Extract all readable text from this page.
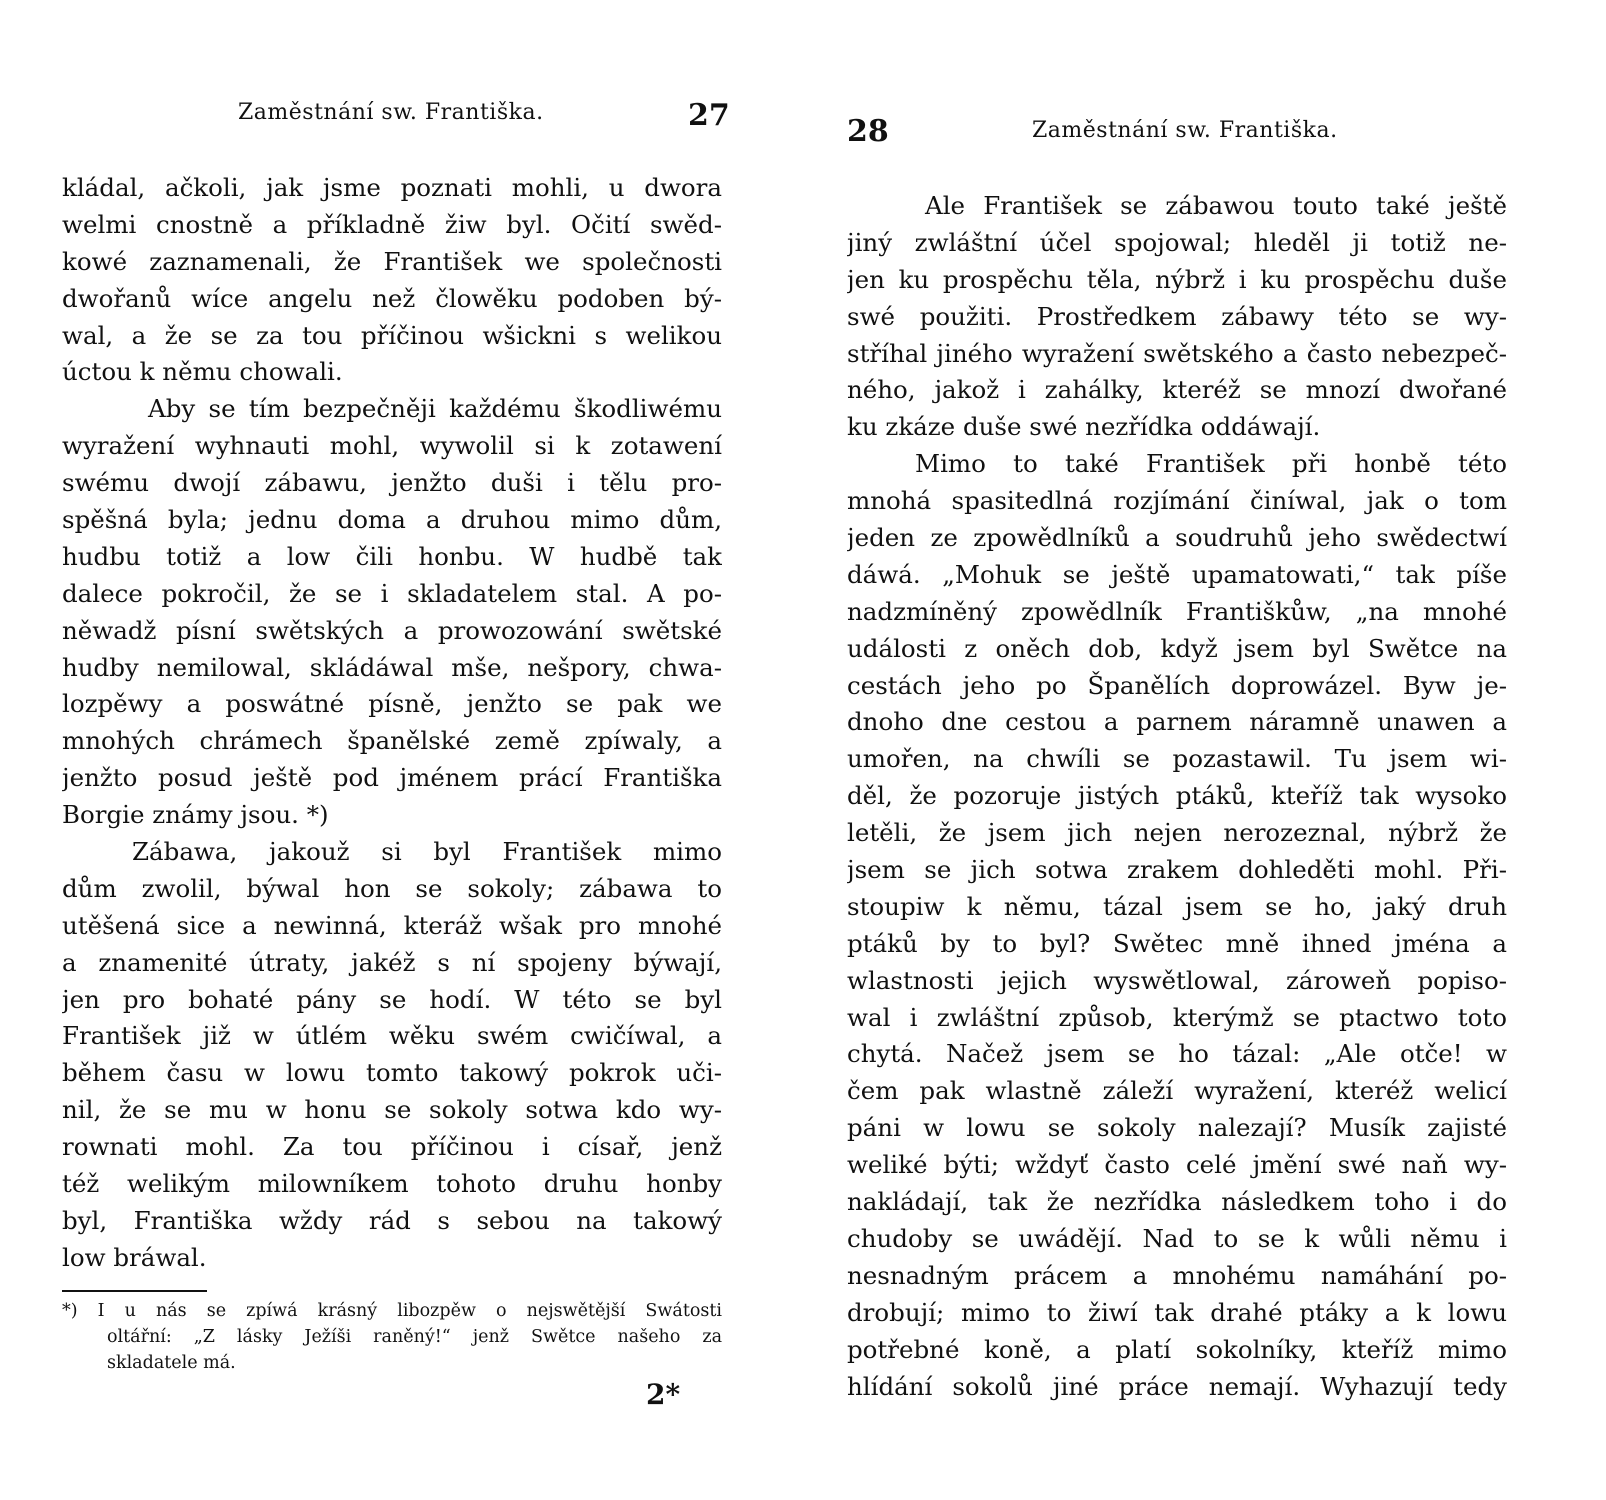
Zaměstnání sw. Františka.	27
kládal, ačkoli, jak jsme poznati mohli, u dwora
welmi cnostně a příkladně žiw byl. Očití swěd-
kowé zaznamenali, že František we společnosti
dwořanů wíce angelu než člowěku podoben bý-
wal, a že se za tou příčinou wšickni s welikou
úctou k němu chowali.
Aby se tím bezpečněji každému škodliwému
wyražení wyhnauti mohl, wywolil si k zotawení
swému dwojí zábawu, jenžto duši i tělu pro-
spěšná byla; jednu doma a druhou mimo dům,
hudbu totiž a low čili honbu. W hudbě tak
dalece pokročil, že se i skladatelem stal. A po-
něwadž písní swětských a prowozowání swětské
hudby nemilowal, skládáwal mše, nešpory, chwa-
lozpěwy a poswátné písně, jenžto se pak we
mnohých chrámech španělské země zpíwaly, a
jenžto posud ještě pod jménem prácí Františka
Borgie známy jsou. *)
Zábawa, jakouž si byl František mimo
dům zwolil, býwal hon se sokoly; zábawa to
utěšená sice a newinná, kteráž wšak pro mnohé
a znamenité útraty, jakéž s ní spojeny býwají,
jen pro bohaté pány se hodí. W této se byl
František již w útlém wěku swém cwičíwal, a
během času w lowu tomto takowý pokrok uči-
nil, že se mu w honu se sokoly sotwa kdo wy-
rownati mohl. Za tou příčinou i císař, jenž
též welikým milowníkem tohoto druhu honby
byl, Františka wždy rád s sebou na takowý
low bráwal.
*) I u nás se zpíwá krásný libozpěw o nejswětější Swátosti
oltářní: „Z lásky Ježíši raněný!“ jenž Swětce našeho za
skladatele má.
2*
28	Zaměstnání sw. Františka.
Ale František se zábawou touto také ještě
jiný zwláštní účel spojowal; hleděl ji totiž ne-
jen ku prospěchu těla, nýbrž i ku prospěchu duše
swé použiti. Prostředkem zábawy této se wy-
stříhal jiného wyražení swětského a často nebezpeč-
ného, jakož i zahálky, kteréž se mnozí dwořané
ku zkáze duše swé nezřídka oddáwají.
Mimo to také František při honbě této
mnohá spasitedlná rozjímání činíwal, jak o tom
jeden ze zpowědlníků a soudruhů jeho swědectwí
dáwá. „Mohuk se ještě upamatowati,“ tak píše
nadzmíněný zpowědlník Františkůw, „na mnohé
události z oněch dob, když jsem byl Swětce na
cestách jeho po Španělích doprowázel. Byw je-
dnoho dne cestou a parnem náramně unawen a
umořen, na chwíli se pozastawil. Tu jsem wi-
děl, že pozoruje jistých ptáků, kteříž tak wysoko
letěli, že jsem jich nejen nerozeznal, nýbrž že
jsem se jich sotwa zrakem dohleděti mohl. Při-
stoupiw k němu, tázal jsem se ho, jaký druh
ptáků by to byl? Swětec mně ihned jména a
wlastnosti jejich wyswětlowal, zároweň popiso-
wal i zwláštní způsob, kterýmž se ptactwo toto
chytá. Načež jsem se ho tázal: „Ale otče! w
čem pak wlastně záleží wyražení, kteréž welicí
páni w lowu se sokoly nalezají? Musík zajisté
weliké býti; wždyť často celé jmění swé naň wy-
nakládají, tak že nezřídka následkem toho i do
chudoby se uwádějí. Nad to se k wůli němu i
nesnadným prácem a mnohému namáhání po-
drobují; mimo to žiwí tak drahé ptáky a k lowu
potřebné koně, a platí sokolníky, kteříž mimo
hlídání sokolů jiné práce nemají. Wyhazují tedy
